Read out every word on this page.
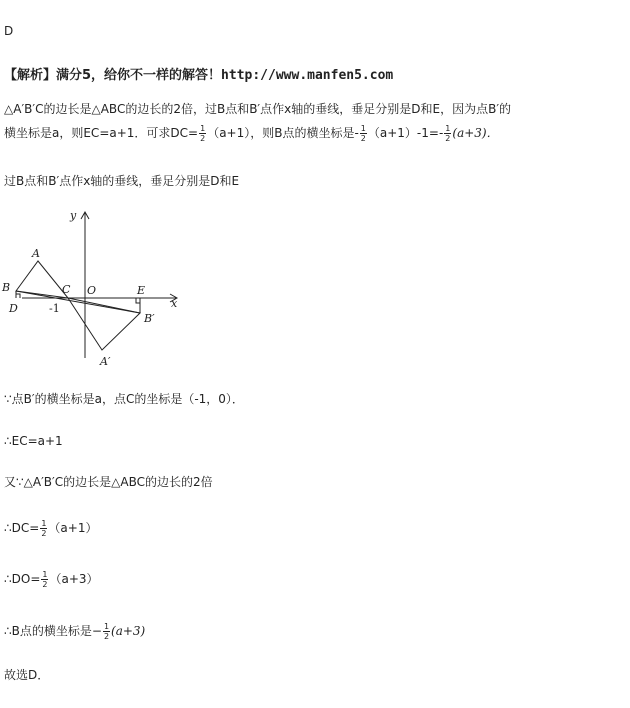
D
【解析】满分5，给你不一样的解答！http://www.manfen5.com
△A′B′C的边长是△ABC的边长的2倍，过B点和B′点作x轴的垂线，垂足分别是D和E，因为点B′的
横坐标是a，则EC=a+1．可求$DC= \frac{1}{2} (a+1)$，则B点的横坐标是- $\frac{1}{2} (a+1)-1=- \frac{1}{2} (a+3)$．
过B点和B′点作x轴的垂线，垂足分别是D和E
y
x
A
B	C O	E
D	-1
B′
A′
∵点B′的横坐标是a，点C的坐标是（-1，0）．
∴EC=a+1
又∵△A′B′C的边长是△ABC的边长的2倍
∴DC= $\frac{1}{2} (a+1)$
∴DO= $\frac{1}{2} (a+3)$
∴B点的横坐标是− $\frac{1}{2} (a+3)$
故选D．
